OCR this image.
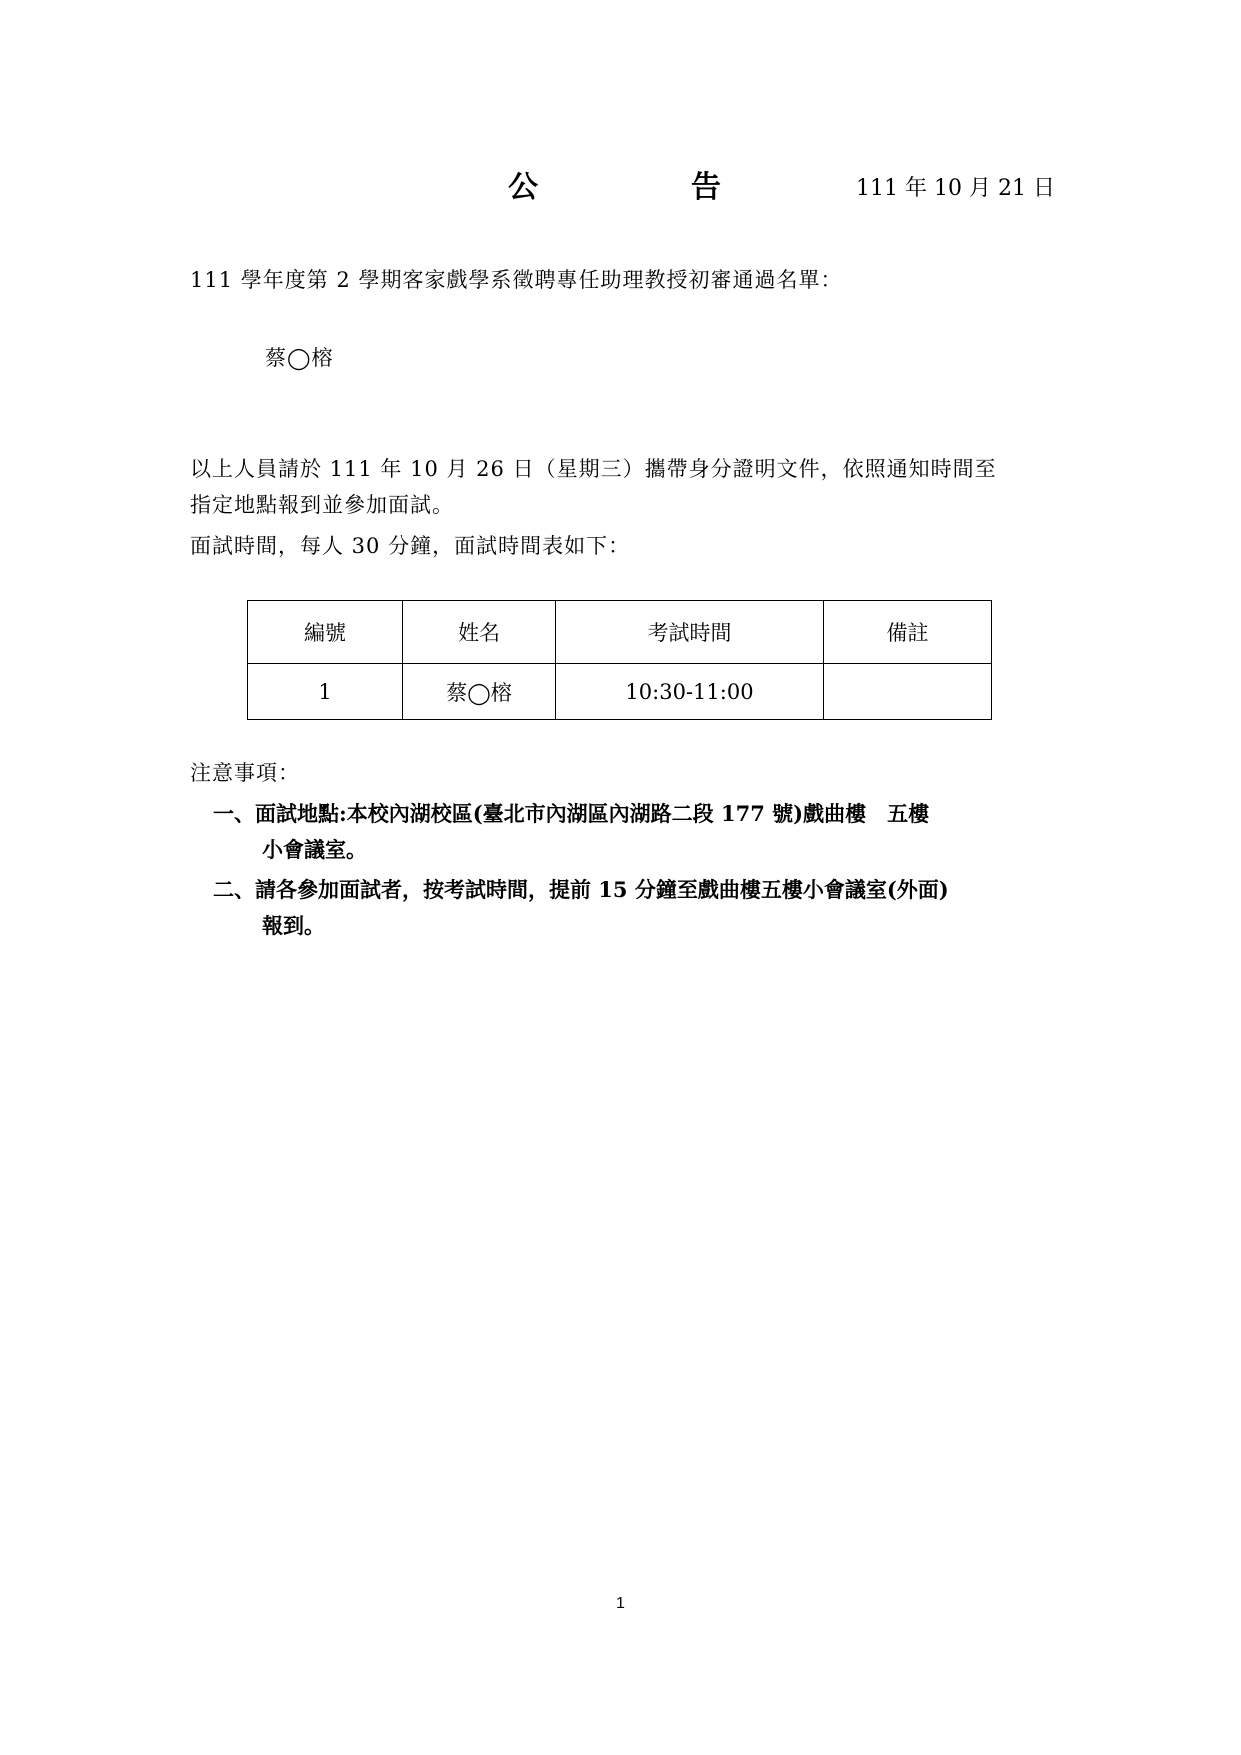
公	告	111 年 10 月 21 日
111 學年度第 2 學期客家戲學系徵聘專任助理教授初審通過名單：
蔡◯榕
以上人員請於 111 年 10 月 26 日（星期三）攜帶身分證明文件，依照通知時間至
指定地點報到並參加面試。
面試時間，每人 30 分鐘，面試時間表如下：
編號	姓名	考試時間	備註
1	蔡◯榕	10:30-11:00	
注意事項：
一、面試地點:本校內湖校區(臺北市內湖區內湖路二段 177 號)戲曲樓　五樓
小會議室。
二、請各參加面試者，按考試時間，提前 15 分鐘至戲曲樓五樓小會議室(外面)
報到。
1
